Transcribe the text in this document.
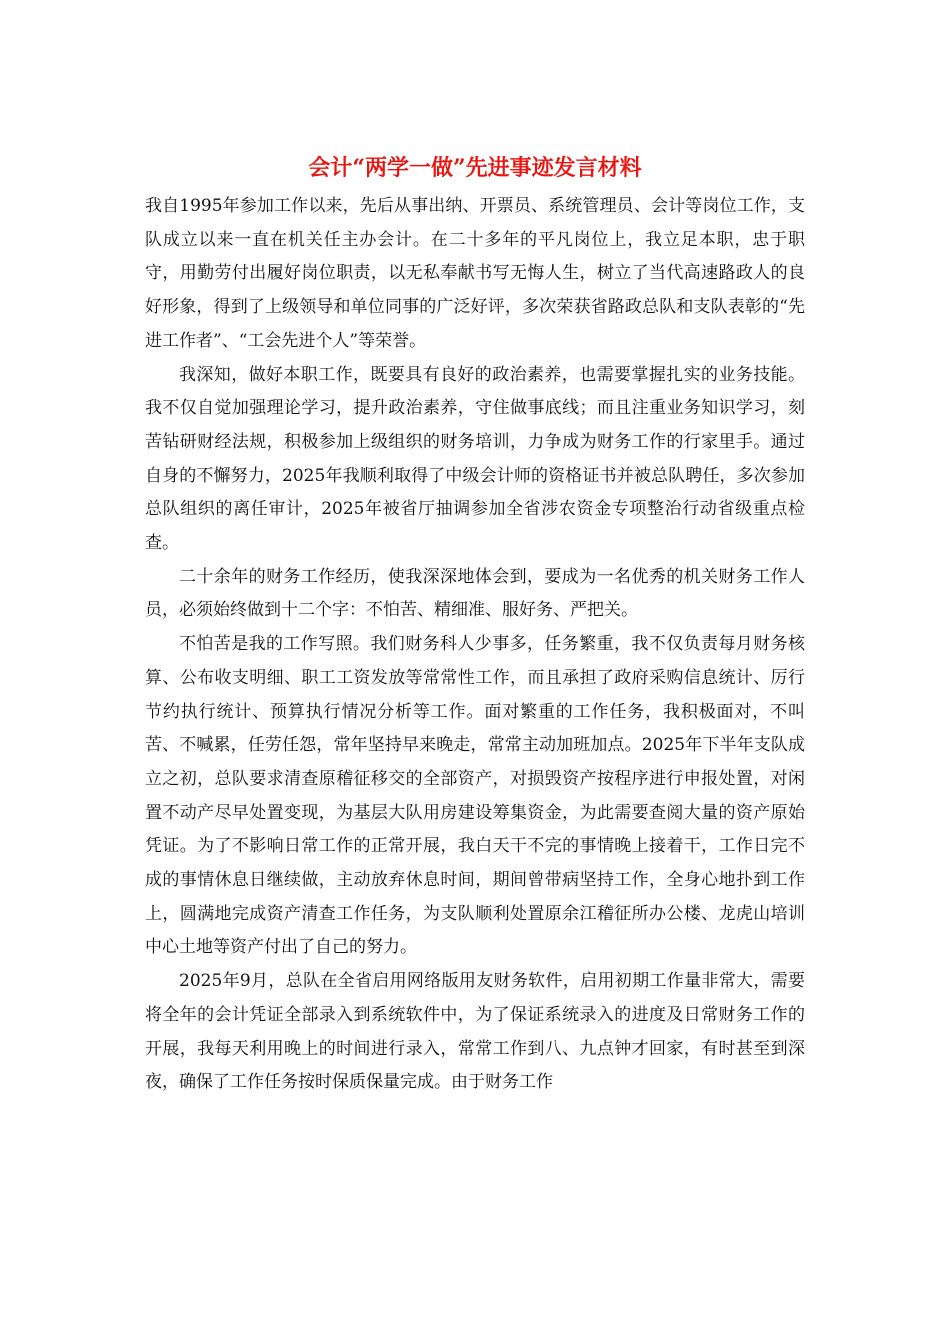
会计“两学一做”先进事迹发言材料

我自1995年参加工作以来，先后从事出纳、开票员、系统管理员、会计等岗位工作，支队成立以来一直在机关任主办会计。在二十多年的平凡岗位上，我立足本职，忠于职守，用勤劳付出履好岗位职责，以无私奉献书写无悔人生，树立了当代高速路政人的良好形象，得到了上级领导和单位同事的广泛好评，多次荣获省路政总队和支队表彰的“先进工作者”、“工会先进个人”等荣誉。

我深知，做好本职工作，既要具有良好的政治素养，也需要掌握扎实的业务技能。我不仅自觉加强理论学习，提升政治素养，守住做事底线；而且注重业务知识学习，刻苦钻研财经法规，积极参加上级组织的财务培训，力争成为财务工作的行家里手。通过自身的不懈努力，2025年我顺利取得了中级会计师的资格证书并被总队聘任，多次参加总队组织的离任审计，2025年被省厅抽调参加全省涉农资金专项整治行动省级重点检查。

二十余年的财务工作经历，使我深深地体会到，要成为一名优秀的机关财务工作人员，必须始终做到十二个字：不怕苦、精细准、服好务、严把关。

不怕苦是我的工作写照。我们财务科人少事多，任务繁重，我不仅负责每月财务核算、公布收支明细、职工工资发放等常常性工作，而且承担了政府采购信息统计、厉行节约执行统计、预算执行情况分析等工作。面对繁重的工作任务，我积极面对，不叫苦、不喊累，任劳任怨，常年坚持早来晚走，常常主动加班加点。2025年下半年支队成立之初，总队要求清查原稽征移交的全部资产，对损毁资产按程序进行申报处置，对闲置不动产尽早处置变现，为基层大队用房建设筹集资金，为此需要查阅大量的资产原始凭证。为了不影响日常工作的正常开展，我白天干不完的事情晚上接着干，工作日完不成的事情休息日继续做，主动放弃休息时间，期间曾带病坚持工作，全身心地扑到工作上，圆满地完成资产清查工作任务，为支队顺利处置原余江稽征所办公楼、龙虎山培训中心土地等资产付出了自己的努力。

2025年9月，总队在全省启用网络版用友财务软件，启用初期工作量非常大，需要将全年的会计凭证全部录入到系统软件中，为了保证系统录入的进度及日常财务工作的开展，我每天利用晚上的时间进行录入，常常工作到八、九点钟才回家，有时甚至到深夜，确保了工作任务按时保质保量完成。由于财务工作
